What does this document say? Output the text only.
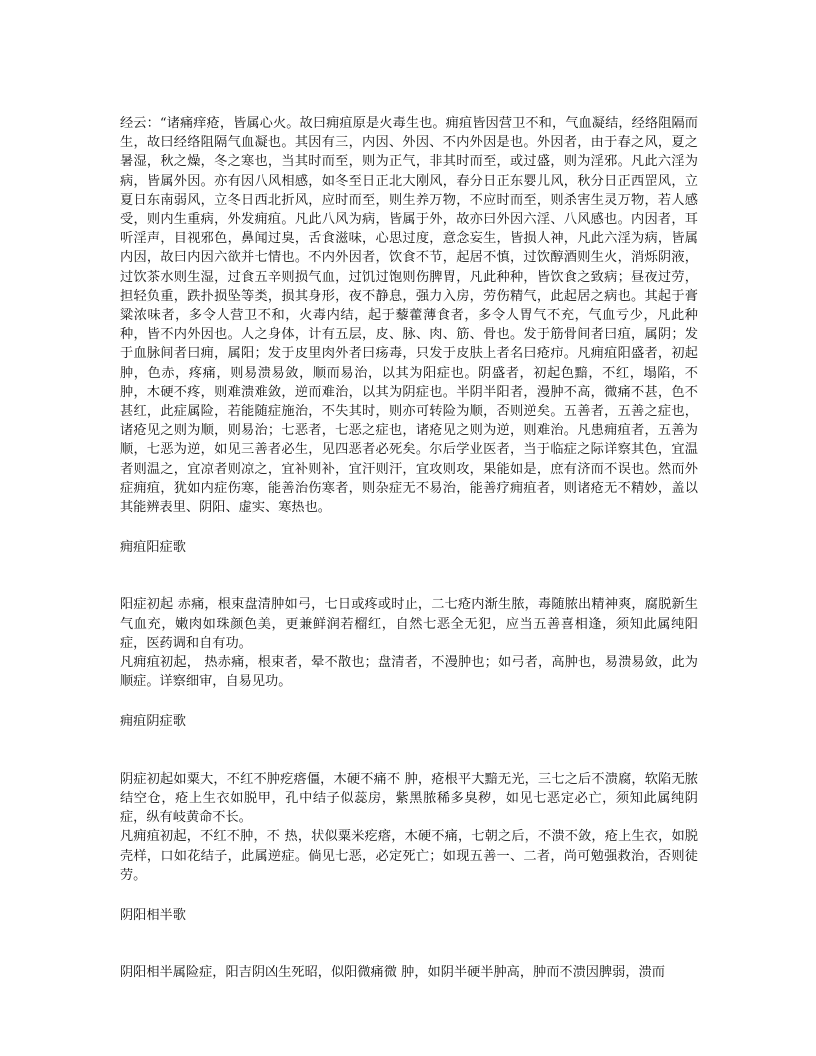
经云：“诸痛痒疮，皆属心火。故曰痈疽原是火毒生也。痈疽皆因营卫不和，气血凝结，经络阻隔而生，故曰经络阻隔气血凝也。其因有三，内因、外因、不内外因是也。外因者，由于春之风，夏之暑湿，秋之燥，冬之寒也，当其时而至，则为正气，非其时而至，或过盛，则为淫邪。凡此六淫为病，皆属外因。亦有因八风相感，如冬至日正北大刚风，春分日正东婴儿风，秋分日正西罡风，立夏日东南弱风，立冬日西北折风，应时而至，则生养万物，不应时而至，则杀害生灵万物，若人感受，则内生重病，外发痈疽。凡此八风为病，皆属于外，故亦曰外因六淫、八风感也。内因者，耳听淫声，目视邪色，鼻闻过臭，舌食滋味，心思过度，意念妄生，皆损人神，凡此六淫为病，皆属内因，故曰内因六欲并七情也。不内外因者，饮食不节，起居不慎，过饮醇酒则生火，消烁阴液，过饮茶水则生湿，过食五辛则损气血，过饥过饱则伤脾胃，凡此种种，皆饮食之致病；昼夜过劳，担轻负重，跌扑损坠等类，损其身形，夜不静息，强力入房，劳伤精气，此起居之病也。其起于膏粱浓味者，多令人营卫不和，火毒内结，起于藜藿薄食者，多令人胃气不充，气血亏少，凡此种种，皆不内外因也。人之身体，计有五层，皮、脉、肉、筋、骨也。发于筋骨间者曰疽，属阴；发于血脉间者曰痈，属阳；发于皮里肉外者曰疡毒，只发于皮肤上者名曰疮疖。凡痈疽阳盛者，初起 肿，色赤，疼痛，则易溃易敛，顺而易治，以其为阳症也。阴盛者，初起色黯，不红，塌陷，不肿，木硬不疼，则难溃难敛，逆而难治，以其为阴症也。半阴半阳者，漫肿不高，微痛不甚，色不甚红，此症属险，若能随症施治，不失其时，则亦可转险为顺，否则逆矣。五善者，五善之症也，诸疮见之则为顺，则易治；七恶者，七恶之症也，诸疮见之则为逆，则难治。凡患痈疽者，五善为顺，七恶为逆，如见三善者必生，见四恶者必死矣。尔后学业医者，当于临症之际详察其色，宜温者则温之，宜凉者则凉之，宜补则补，宜汗则汗，宜攻则攻，果能如是，庶有济而不误也。然而外症痈疽，犹如内症伤寒，能善治伤寒者，则杂症无不易治，能善疗痈疽者，则诸疮无不精妙，盖以其能辨表里、阴阳、虚实、寒热也。

痈疽阳症歌

阳症初起 赤痛，根束盘清肿如弓，七日或疼或时止，二七疮内渐生脓，毒随脓出精神爽，腐脱新生气血充，嫩肉如珠颜色美，更兼鲜润若榴红，自然七恶全无犯，应当五善喜相逢，须知此属纯阳症，医药调和自有功。

凡痈疽初起， 热赤痛，根束者，晕不散也；盘清者，不漫肿也；如弓者，高肿也，易溃易敛，此为顺症。详察细审，自易见功。

痈疽阴症歌

阴症初起如粟大，不红不肿疙瘩僵，木硬不痛不 肿，疮根平大黯无光，三七之后不溃腐，软陷无脓结空仓，疮上生衣如脱甲，孔中结子似蕊房，紫黑脓稀多臭秽，如见七恶定必亡，须知此属纯阴症，纵有岐黄命不长。

凡痈疽初起，不红不肿，不 热，状似粟米疙瘩，木硬不痛，七朝之后，不溃不敛，疮上生衣，如脱壳样，口如花结子，此属逆症。倘见七恶，必定死亡；如现五善一、二者，尚可勉强救治，否则徒劳。

阴阳相半歌

阴阳相半属险症，阳吉阴凶生死昭，似阳微痛微 肿，如阴半硬半肿高，肿而不溃因脾弱，溃而
